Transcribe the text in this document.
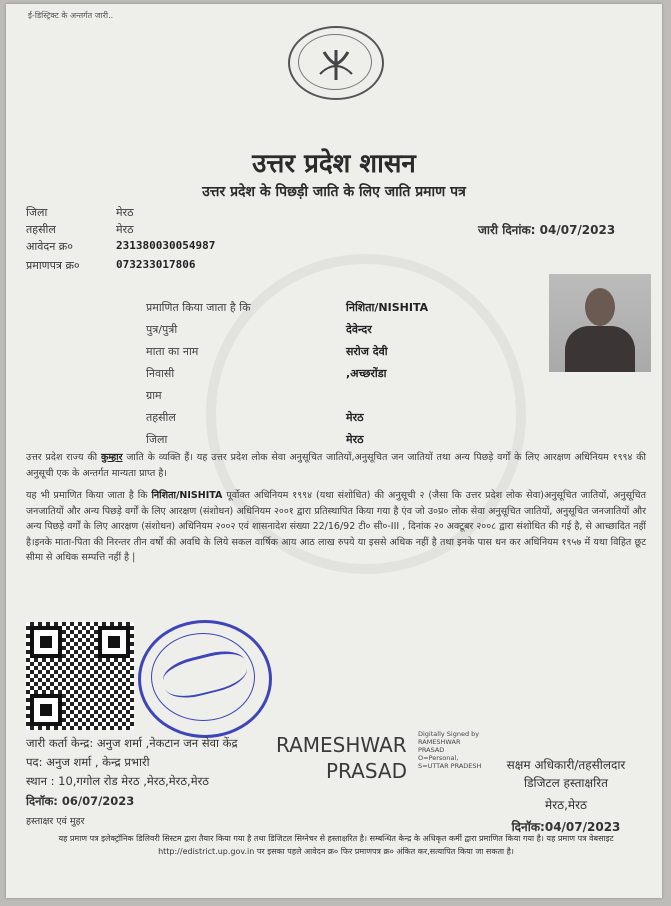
ई-डिस्ट्रिक्ट के अन्तर्गत जारी..
उत्तर प्रदेश शासन
उत्तर प्रदेश के पिछड़ी जाति के लिए जाति प्रमाण पत्र
जिला	मेरठ
तहसील	मेरठ
आवेदन क्र०	231380030054987
प्रमाणपत्र क्र०	073233017806
जारी दिनांक: 04/07/2023
प्रमाणित किया जाता है कि	निशिता/NISHITA
पुत्र/पुत्री	देवेन्दर
माता का नाम	सरोज देवी
निवासी	,अच्छरोंडा
ग्राम
तहसील	मेरठ
जिला	मेरठ
उत्तर प्रदेश राज्य की कुम्हार जाति के व्यक्ति हैं। यह उत्तर प्रदेश लोक सेवा अनुसूचित जातियों,अनुसूचित जन जातियों तथा अन्य पिछड़े वर्गों के लिए आरक्षण अधिनियम १९९४ की अनुसूची एक के अन्तर्गत मान्यता प्राप्त है।
यह भी प्रमाणित किया जाता है कि निशिता/NISHITA पूर्वोक्त अधिनियम १९९४ (यथा संशोधित) की अनुसूची २ (जैसा कि उत्तर प्रदेश लोक सेवा)अनुसूचित जातियों, अनुसूचित जनजातियों और अन्य पिछड़े वर्गों के लिए आरक्षण (संशोधन) अधिनियम २००१ द्वारा प्रतिस्थापित किया गया है एंव जो उ०प्र० लोक सेवा अनुसूचित जातियों, अनुसूचित जनजातियों और अन्य पिछड़े वर्गों के लिए आरक्षण (संशोधन) अधिनियम २००२ एवं शासनादेश संख्या 22/16/92 टी० सी०-III , दिनांक २० अक्टूबर २००८ द्वारा संशोधित की गई है, से आच्छादित नहीं है।इनके माता-पिता की निरन्तर तीन वर्षों की अवधि के लिये सकल वार्षिक आय आठ लाख रुपये या इससे अधिक नहीं है तथा इनके पास धन कर अधिनियम १९५७ में यथा विहित छूट सीमा से अधिक सम्पत्ति नहीं है |
जारी कर्ता केन्द्र: अनुज शर्मा ,नेकटान जन सेवा केंद्र
पद: अनुज शर्मा , केन्द्र प्रभारी
स्थान : 10,गगोल रोड मेरठ ,मेरठ,मेरठ,मेरठ
दिनॉक: 06/07/2023
हस्ताक्षर एवं मुहर
RAMESHWAR
PRASAD
Digitally Signed by RAMESHWAR PRASAD O=Personal, S=UTTAR PRADESH	सक्षम अधिकारी/तहसीलदार
डिजिटल हस्ताक्षरित
मेरठ,मेरठ
दिनॉक:04/07/2023
यह प्रमाण पत्र इलेक्ट्रॉनिक डिलिवरी सिस्टम द्वारा तैयार किया गया है तथा डिजिटल सिग्नेचर से हस्ताक्षरित है। सम्बन्धित केन्द्र के अधिकृत कर्मी द्वारा प्रमाणित किया गया है। यह प्रमाण पत्र वेबसाइट http://edistrict.up.gov.in पर इसका पहले आवेदन क्र० फिर प्रमाणपत्र क्र० अंकित कर,सत्यापित किया जा सकता है।
